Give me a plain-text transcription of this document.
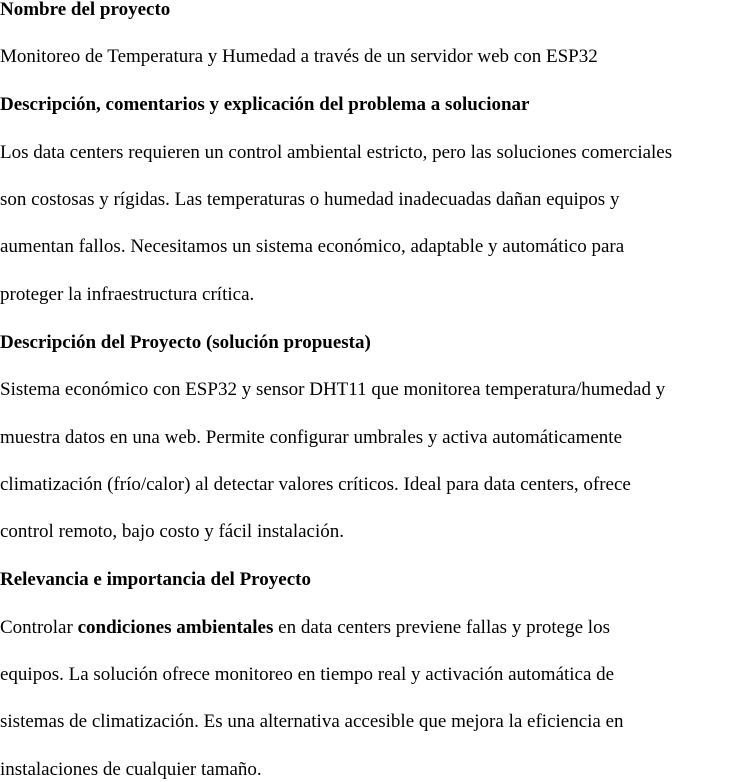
Nombre del proyecto
Monitoreo de Temperatura y Humedad a través de un servidor web con ESP32
Descripción, comentarios y explicación del problema a solucionar
Los data centers requieren un control ambiental estricto, pero las soluciones comerciales
son costosas y rígidas. Las temperaturas o humedad inadecuadas dañan equipos y
aumentan fallos. Necesitamos un sistema económico, adaptable y automático para
proteger la infraestructura crítica.
Descripción del Proyecto (solución propuesta)
Sistema económico con ESP32 y sensor DHT11 que monitorea temperatura/humedad y
muestra datos en una web. Permite configurar umbrales y activa automáticamente
climatización (frío/calor) al detectar valores críticos. Ideal para data centers, ofrece
control remoto, bajo costo y fácil instalación.
Relevancia e importancia del Proyecto
Controlar condiciones ambientales en data centers previene fallas y protege los
equipos. La solución ofrece monitoreo en tiempo real y activación automática de
sistemas de climatización. Es una alternativa accesible que mejora la eficiencia en
instalaciones de cualquier tamaño.
